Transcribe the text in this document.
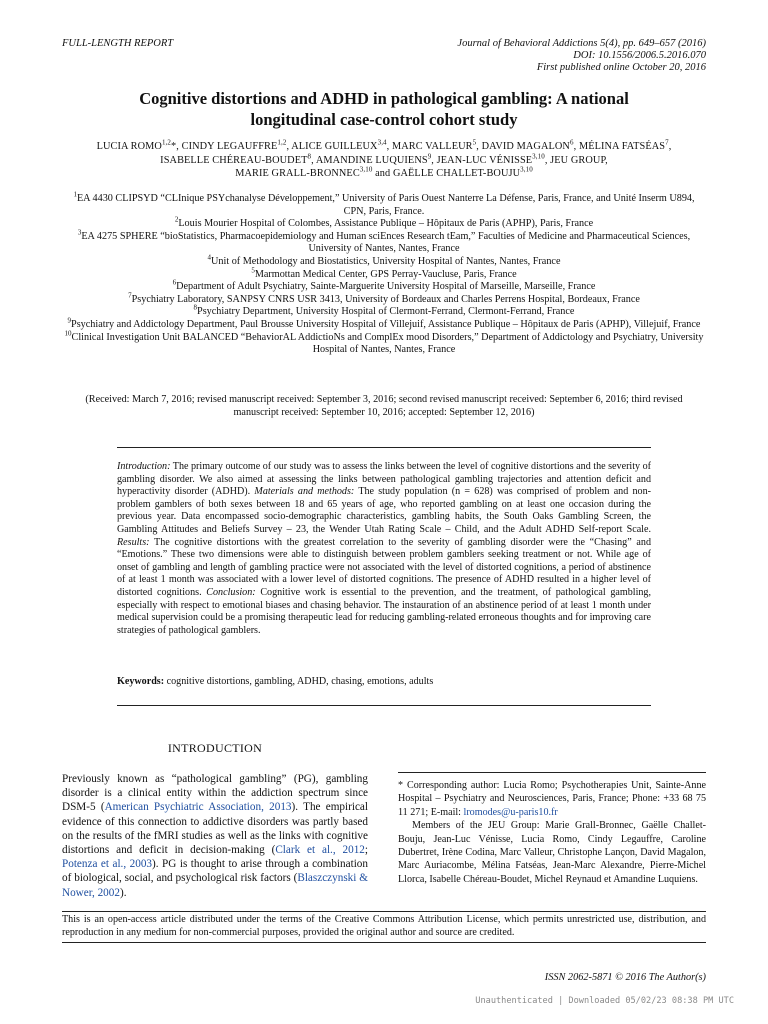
FULL-LENGTH REPORT	Journal of Behavioral Addictions 5(4), pp. 649–657 (2016)
DOI: 10.1556/2006.5.2016.070
First published online October 20, 2016
Cognitive distortions and ADHD in pathological gambling: A national
longitudinal case-control cohort study
LUCIA ROMO$^{1,2}$*, CINDY LEGAUFFRE$^{1,2}$, ALICE GUILLEUX$^{3,4}$, MARC VALLEUR$^5$, DAVID MAGALON$^6$, MÉLINA FATSÉAS$^7$,
ISABELLE CHÉREAU-BOUDET$^8$, AMANDINE LUQUIENS$^9$, JEAN-LUC VÉNISSE$^{3,10}$, JEU GROUP,
MARIE GRALL-BRONNEC$^{3,10}$ and GAËLLE CHALLET-BOUJU$^{3,10}$
$^1$EA 4430 CLIPSYD “CLInique PSYchanalyse Développement,” University of Paris Ouest Nanterre La Défense, Paris, France, and Unité Inserm U894, CPN, Paris, France.
$^2$Louis Mourier Hospital of Colombes, Assistance Publique – Hôpitaux de Paris (APHP), Paris, France
$^3$EA 4275 SPHERE “bioStatistics, Pharmacoepidemiology and Human sciEnces Research tEam,” Faculties of Medicine and Pharmaceutical Sciences, University of Nantes, Nantes, France
$^4$Unit of Methodology and Biostatistics, University Hospital of Nantes, Nantes, France
$^5$Marmottan Medical Center, GPS Perray-Vaucluse, Paris, France
$^6$Department of Adult Psychiatry, Sainte-Marguerite University Hospital of Marseille, Marseille, France
$^7$Psychiatry Laboratory, SANPSY CNRS USR 3413, University of Bordeaux and Charles Perrens Hospital, Bordeaux, France
$^8$Psychiatry Department, University Hospital of Clermont-Ferrand, Clermont-Ferrand, France
$^9$Psychiatry and Addictology Department, Paul Brousse University Hospital of Villejuif, Assistance Publique – Hôpitaux de Paris (APHP), Villejuif, France
$^{10}$Clinical Investigation Unit BALANCED “BehaviorAL AddictioNs and ComplEx mood Disorders,” Department of Addictology and Psychiatry, University Hospital of Nantes, Nantes, France
(Received: March 7, 2016; revised manuscript received: September 3, 2016; second revised manuscript received: September 6, 2016; third revised manuscript received: September 10, 2016; accepted: September 12, 2016)
Introduction: The primary outcome of our study was to assess the links between the level of cognitive distortions and the severity of gambling disorder. We also aimed at assessing the links between pathological gambling trajectories and attention deficit and hyperactivity disorder (ADHD). Materials and methods: The study population (n = 628) was comprised of problem and non-problem gamblers of both sexes between 18 and 65 years of age, who reported gambling on at least one occasion during the previous year. Data encompassed socio-demographic characteristics, gambling habits, the South Oaks Gambling Screen, the Gambling Attitudes and Beliefs Survey – 23, the Wender Utah Rating Scale – Child, and the Adult ADHD Self-report Scale. Results: The cognitive distortions with the greatest correlation to the severity of gambling disorder were the “Chasing” and “Emotions.” These two dimensions were able to distinguish between problem gamblers seeking treatment or not. While age of onset of gambling and length of gambling practice were not associated with the level of distorted cognitions, a period of abstinence of at least 1 month was associated with a lower level of distorted cognitions. The presence of ADHD resulted in a higher level of distorted cognitions. Conclusion: Cognitive work is essential to the prevention, and the treatment, of pathological gambling, especially with respect to emotional biases and chasing behavior. The instauration of an abstinence period of at least 1 month under medical supervision could be a promising therapeutic lead for reducing gambling-related erroneous thoughts and for improving care strategies of pathological gamblers.
Keywords: cognitive distortions, gambling, ADHD, chasing, emotions, adults
INTRODUCTION
Previously known as “pathological gambling” (PG), gambling disorder is a clinical entity within the addiction spectrum since DSM-5 (American Psychiatric Association, 2013). The empirical evidence of this connection to addictive disorders was partly based on the results of the fMRI studies as well as the links with cognitive distortions and deficit in decision-making (Clark et al., 2012; Potenza et al., 2003). PG is thought to arise through a combination of biological, social, and psychological risk factors (Blaszczynski & Nower, 2002).

* Corresponding author: Lucia Romo; Psychotherapies Unit, Sainte-Anne Hospital – Psychiatry and Neurosciences, Paris, France; Phone: +33 68 75 11 271; E-mail: lromodes@u-paris10.fr

Members of the JEU Group: Marie Grall-Bronnec, Gaëlle Challet-Bouju, Jean-Luc Vénisse, Lucia Romo, Cindy Legauffre, Caroline Dubertret, Irène Codina, Marc Valleur, Christophe Lançon, David Magalon, Marc Auriacombe, Mélina Fatséas, Jean-Marc Alexandre, Pierre-Michel Llorca, Isabelle Chéreau-Boudet, Michel Reynaud et Amandine Luquiens.

This is an open-access article distributed under the terms of the Creative Commons Attribution License, which permits unrestricted use, distribution, and reproduction in any medium for non-commercial purposes, provided the original author and source are credited.
ISSN 2062-5871 © 2016 The Author(s)
Unauthenticated | Downloaded 05/02/23 08:38 PM UTC
